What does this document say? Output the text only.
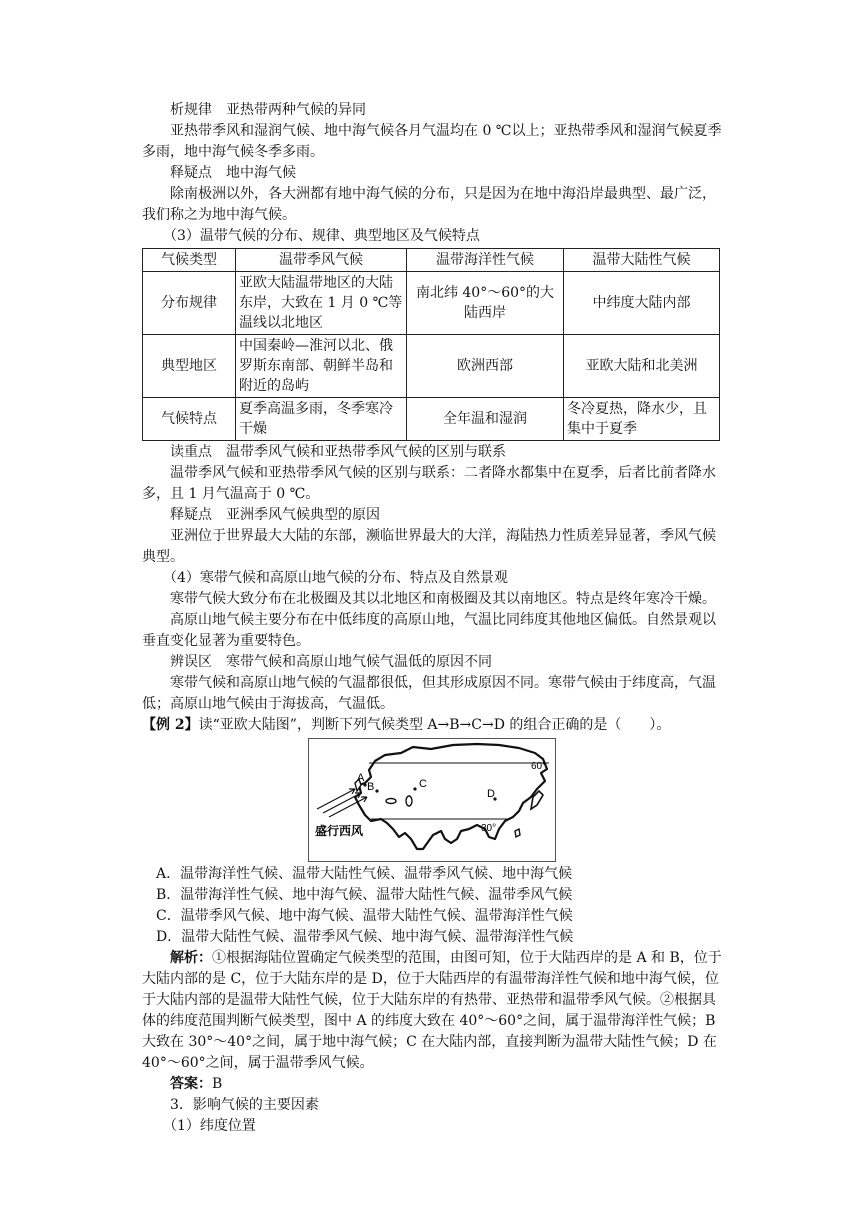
析规律　亚热带两种气候的异同

亚热带季风和湿润气候、地中海气候各月气温均在 0 ℃以上；亚热带季风和湿润气候夏季多雨，地中海气候冬季多雨。

释疑点　地中海气候

除南极洲以外，各大洲都有地中海气候的分布，只是因为在地中海沿岸最典型、最广泛，我们称之为地中海气候。

（3）温带气候的分布、规律、典型地区及气候特点

气候类型	温带季风气候	温带海洋性气候	温带大陆性气候
分布规律	亚欧大陆温带地区的大陆东岸，大致在 1 月 0 ℃等温线以北地区	南北纬 40°～60°的大陆西岸	中纬度大陆内部
典型地区	中国秦岭—淮河以北、俄罗斯东南部、朝鲜半岛和附近的岛屿	欧洲西部	亚欧大陆和北美洲
气候特点	夏季高温多雨，冬季寒冷干燥	全年温和湿润	冬冷夏热，降水少，且集中于夏季

读重点　温带季风气候和亚热带季风气候的区别与联系

温带季风气候和亚热带季风气候的区别与联系：二者降水都集中在夏季，后者比前者降水多，且 1 月气温高于 0 ℃。

释疑点　亚洲季风气候典型的原因

亚洲位于世界最大大陆的东部，濒临世界最大的大洋，海陆热力性质差异显著，季风气候典型。

（4）寒带气候和高原山地气候的分布、特点及自然景观

寒带气候大致分布在北极圈及其以北地区和南极圈及其以南地区。特点是终年寒冷干燥。

高原山地气候主要分布在中低纬度的高原山地，气温比同纬度其他地区偏低。自然景观以垂直变化显著为重要特色。

辨误区　寒带气候和高原山地气候气温低的原因不同

寒带气候和高原山地气候的气温都很低，但其形成原因不同。寒带气候由于纬度高，气温低；高原山地气候由于海拔高，气温低。

【例 2】读“亚欧大陆图”，判断下列气候类型 A→B→C→D 的组合正确的是（　　）。

A
B	C
D
60°
30°
盛行西风

A．温带海洋性气候、温带大陆性气候、温带季风气候、地中海气候

B．温带海洋性气候、地中海气候、温带大陆性气候、温带季风气候

C．温带季风气候、地中海气候、温带大陆性气候、温带海洋性气候

D．温带大陆性气候、温带季风气候、地中海气候、温带海洋性气候

解析：①根据海陆位置确定气候类型的范围，由图可知，位于大陆西岸的是 A 和 B，位于大陆内部的是 C，位于大陆东岸的是 D，位于大陆西岸的有温带海洋性气候和地中海气候，位于大陆内部的是温带大陆性气候，位于大陆东岸的有热带、亚热带和温带季风气候。②根据具体的纬度范围判断气候类型，图中 A 的纬度大致在 40°～60°之间，属于温带海洋性气候；B 大致在 30°～40°之间，属于地中海气候；C 在大陆内部，直接判断为温带大陆性气候；D 在 40°～60°之间，属于温带季风气候。

答案：B

3．影响气候的主要因素

（1）纬度位置
